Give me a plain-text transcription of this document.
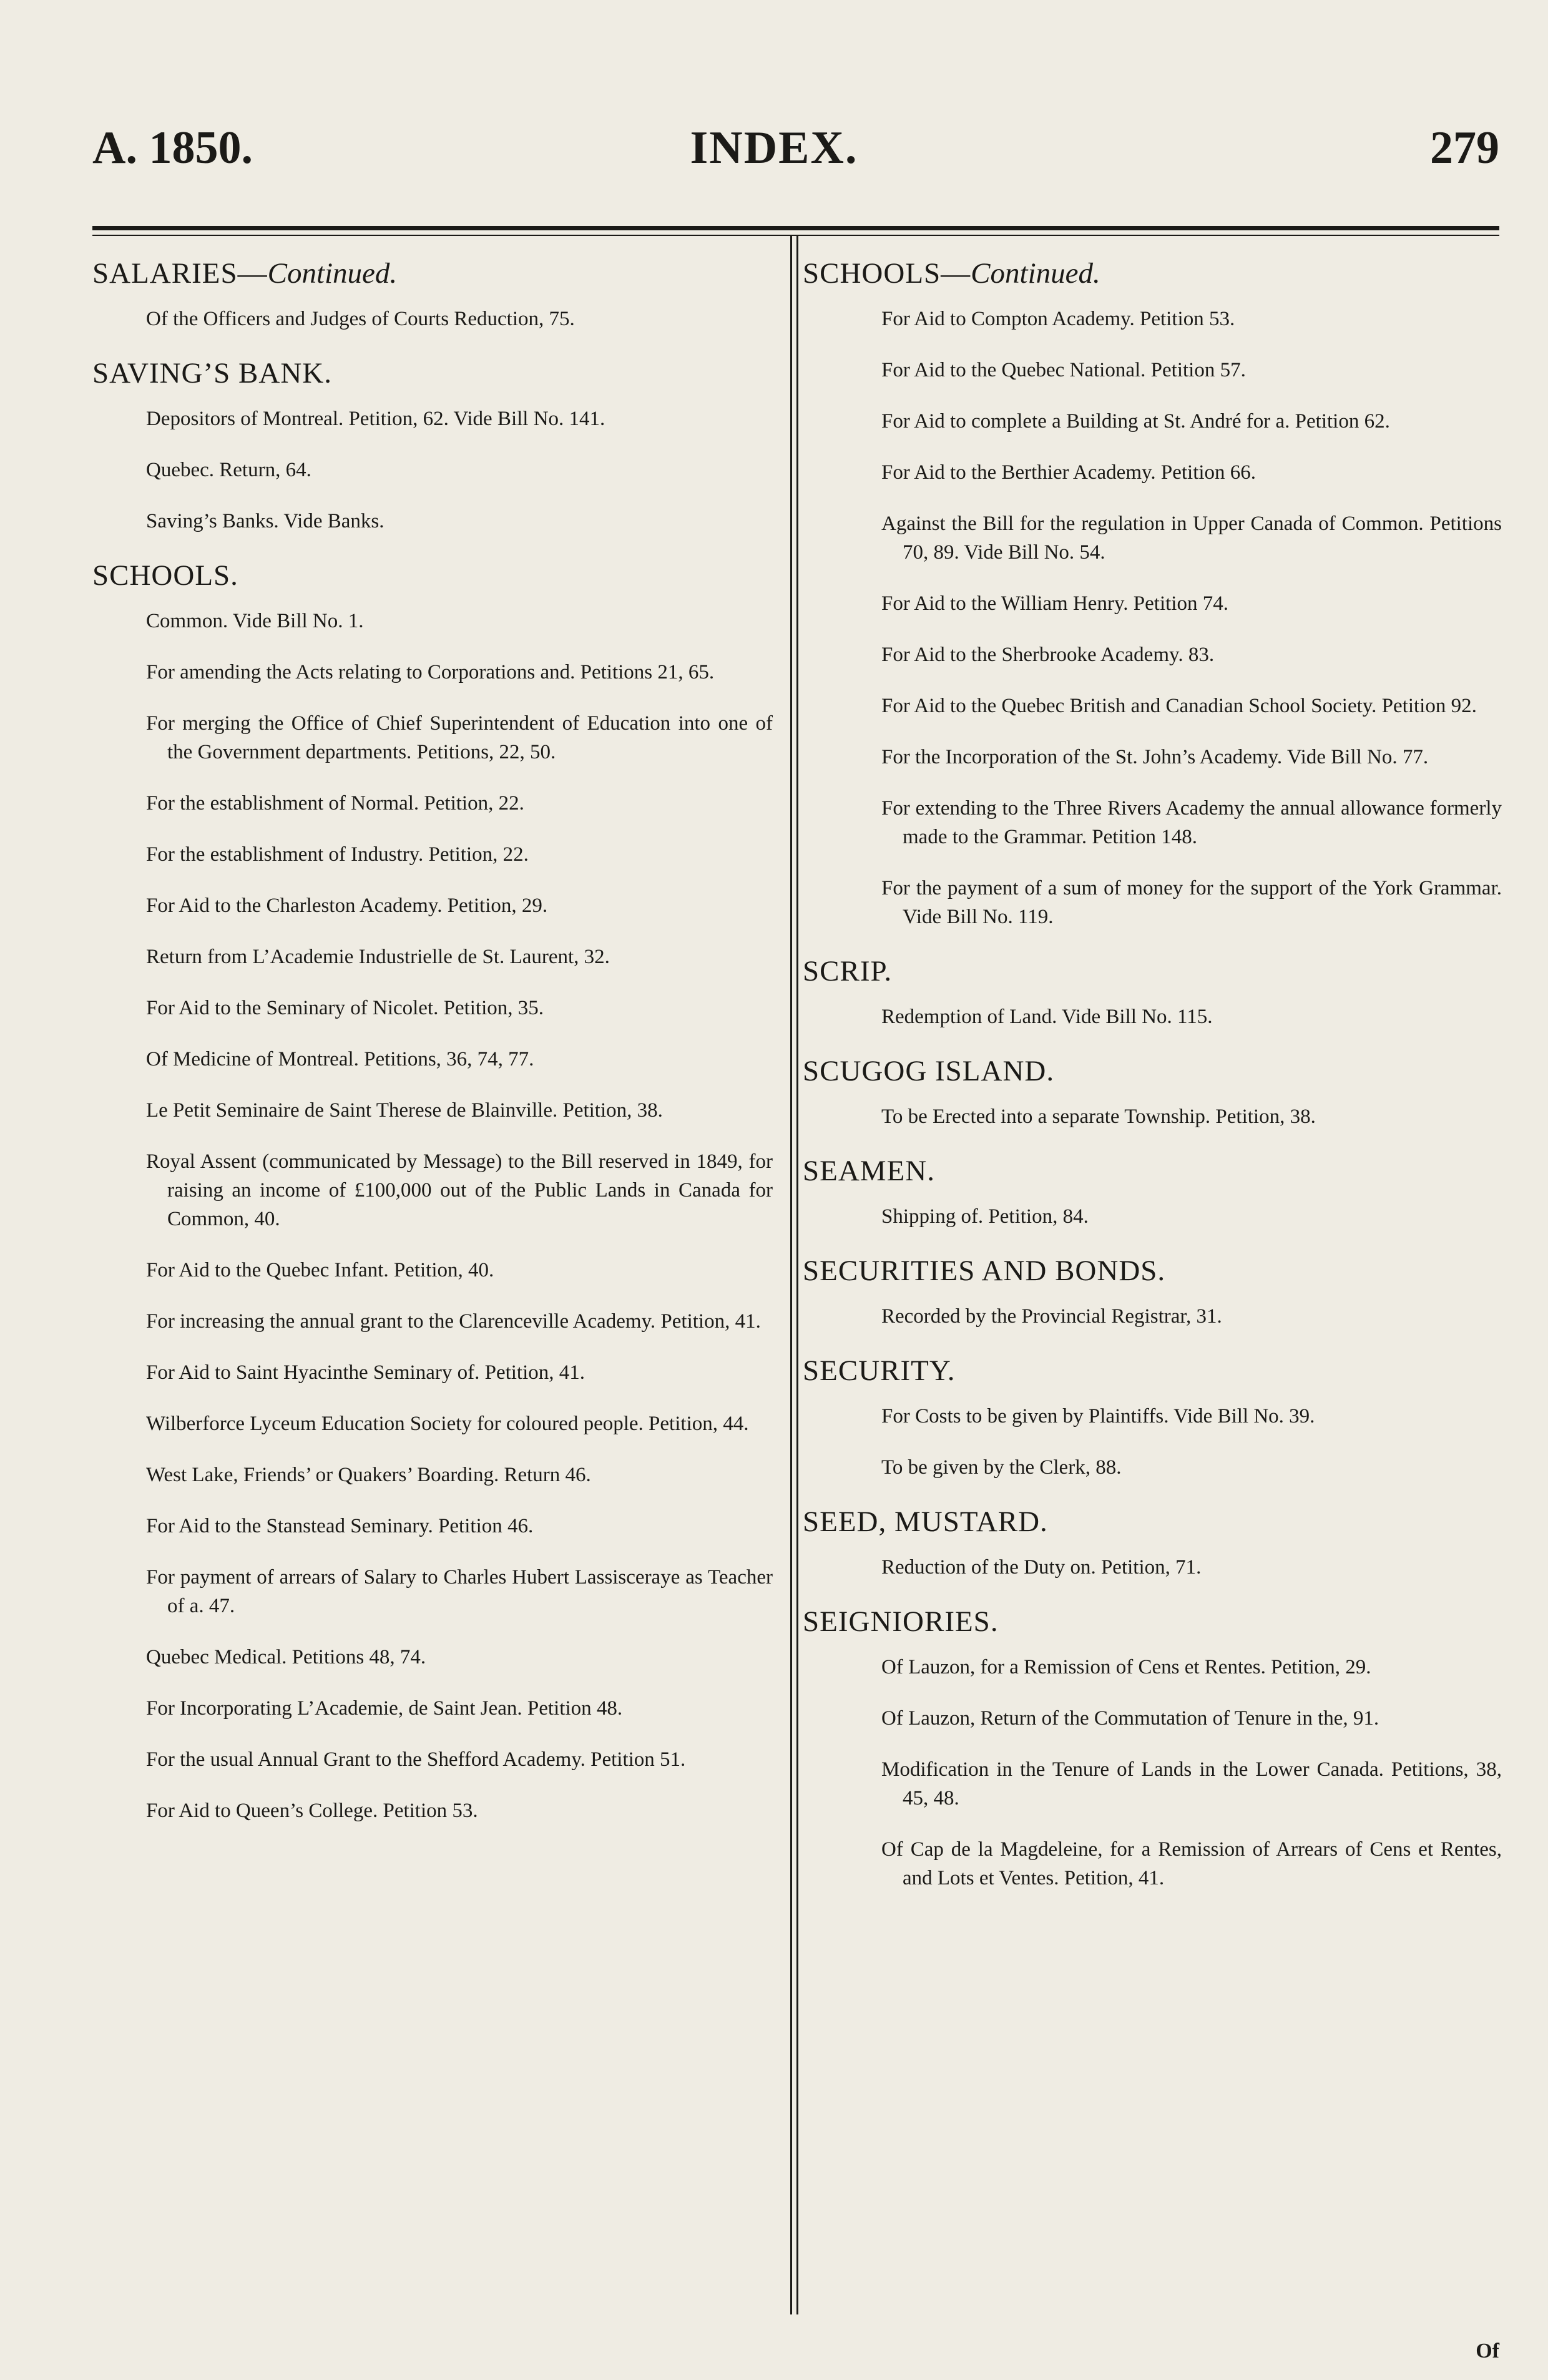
A. 1850.	INDEX.	279
SALARIES—Continued.
Of the Officers and Judges of Courts Reduction, 75.
SAVING’S BANK.
Depositors of Montreal. Petition, 62. Vide Bill No. 141.
Quebec. Return, 64.
Saving’s Banks. Vide Banks.
SCHOOLS.
Common. Vide Bill No. 1.
For amending the Acts relating to Corporations and. Petitions 21, 65.
For merging the Office of Chief Superintendent of Education into one of the Government departments. Petitions, 22, 50.
For the establishment of Normal. Petition, 22.
For the establishment of Industry. Petition, 22.
For Aid to the Charleston Academy. Petition, 29.
Return from L’Academie Industrielle de St. Laurent, 32.
For Aid to the Seminary of Nicolet. Petition, 35.
Of Medicine of Montreal. Petitions, 36, 74, 77.
Le Petit Seminaire de Saint Therese de Blainville. Petition, 38.
Royal Assent (communicated by Message) to the Bill reserved in 1849, for raising an income of £100,000 out of the Public Lands in Canada for Common, 40.
For Aid to the Quebec Infant. Petition, 40.
For increasing the annual grant to the Clarenceville Academy. Petition, 41.
For Aid to Saint Hyacinthe Seminary of. Petition, 41.
Wilberforce Lyceum Education Society for coloured people. Petition, 44.
West Lake, Friends’ or Quakers’ Boarding. Return 46.
For Aid to the Stanstead Seminary. Petition 46.
For payment of arrears of Salary to Charles Hubert Lassisceraye as Teacher of a. 47.
Quebec Medical. Petitions 48, 74.
For Incorporating L’Academie, de Saint Jean. Petition 48.
For the usual Annual Grant to the Shefford Academy. Petition 51.
For Aid to Queen’s College. Petition 53.
SCHOOLS—Continued.
For Aid to Compton Academy. Petition 53.
For Aid to the Quebec National. Petition 57.
For Aid to complete a Building at St. André for a. Petition 62.
For Aid to the Berthier Academy. Petition 66.
Against the Bill for the regulation in Upper Canada of Common. Petitions 70, 89. Vide Bill No. 54.
For Aid to the William Henry. Petition 74.
For Aid to the Sherbrooke Academy. 83.
For Aid to the Quebec British and Canadian School Society. Petition 92.
For the Incorporation of the St. John’s Academy. Vide Bill No. 77.
For extending to the Three Rivers Academy the annual allowance formerly made to the Grammar. Petition 148.
For the payment of a sum of money for the support of the York Grammar. Vide Bill No. 119.
SCRIP.
Redemption of Land. Vide Bill No. 115.
SCUGOG ISLAND.
To be Erected into a separate Township. Petition, 38.
SEAMEN.
Shipping of. Petition, 84.
SECURITIES AND BONDS.
Recorded by the Provincial Registrar, 31.
SECURITY.
For Costs to be given by Plaintiffs. Vide Bill No. 39.
To be given by the Clerk, 88.
SEED, MUSTARD.
Reduction of the Duty on. Petition, 71.
SEIGNIORIES.
Of Lauzon, for a Remission of Cens et Rentes. Petition, 29.
Of Lauzon, Return of the Commutation of Tenure in the, 91.
Modification in the Tenure of Lands in the Lower Canada. Petitions, 38, 45, 48.
Of Cap de la Magdeleine, for a Remission of Arrears of Cens et Rentes, and Lots et Ventes. Petition, 41.
Of
